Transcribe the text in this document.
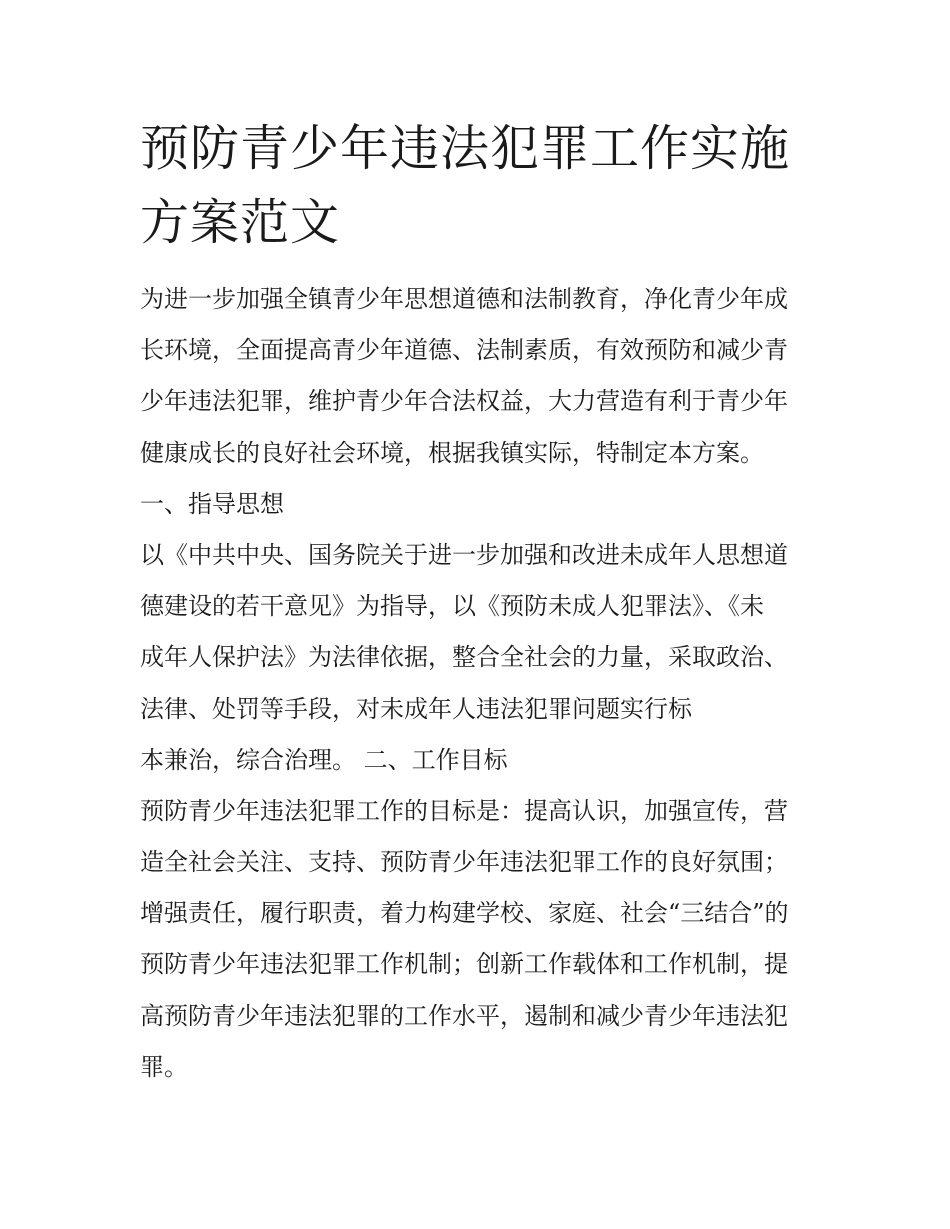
预防青少年违法犯罪工作实施
方案范文
为进一步加强全镇青少年思想道德和法制教育，净化青少年成
长环境，全面提高青少年道德、法制素质，有效预防和减少青
少年违法犯罪，维护青少年合法权益，大力营造有利于青少年
健康成长的良好社会环境，根据我镇实际，特制定本方案。
一、指导思想
以《中共中央、国务院关于进一步加强和改进未成年人思想道
德建设的若干意见》为指导，以《预防未成人犯罪法》、《未
成年人保护法》为法律依据，整合全社会的力量，采取政治、
法律、处罚等手段，对未成年人违法犯罪问题实行标
本兼治，综合治理。 二、工作目标
预防青少年违法犯罪工作的目标是：提高认识，加强宣传，营
造全社会关注、支持、预防青少年违法犯罪工作的良好氛围；
增强责任，履行职责，着力构建学校、家庭、社会“三结合”的
预防青少年违法犯罪工作机制；创新工作载体和工作机制，提
高预防青少年违法犯罪的工作水平，遏制和减少青少年违法犯
罪。
